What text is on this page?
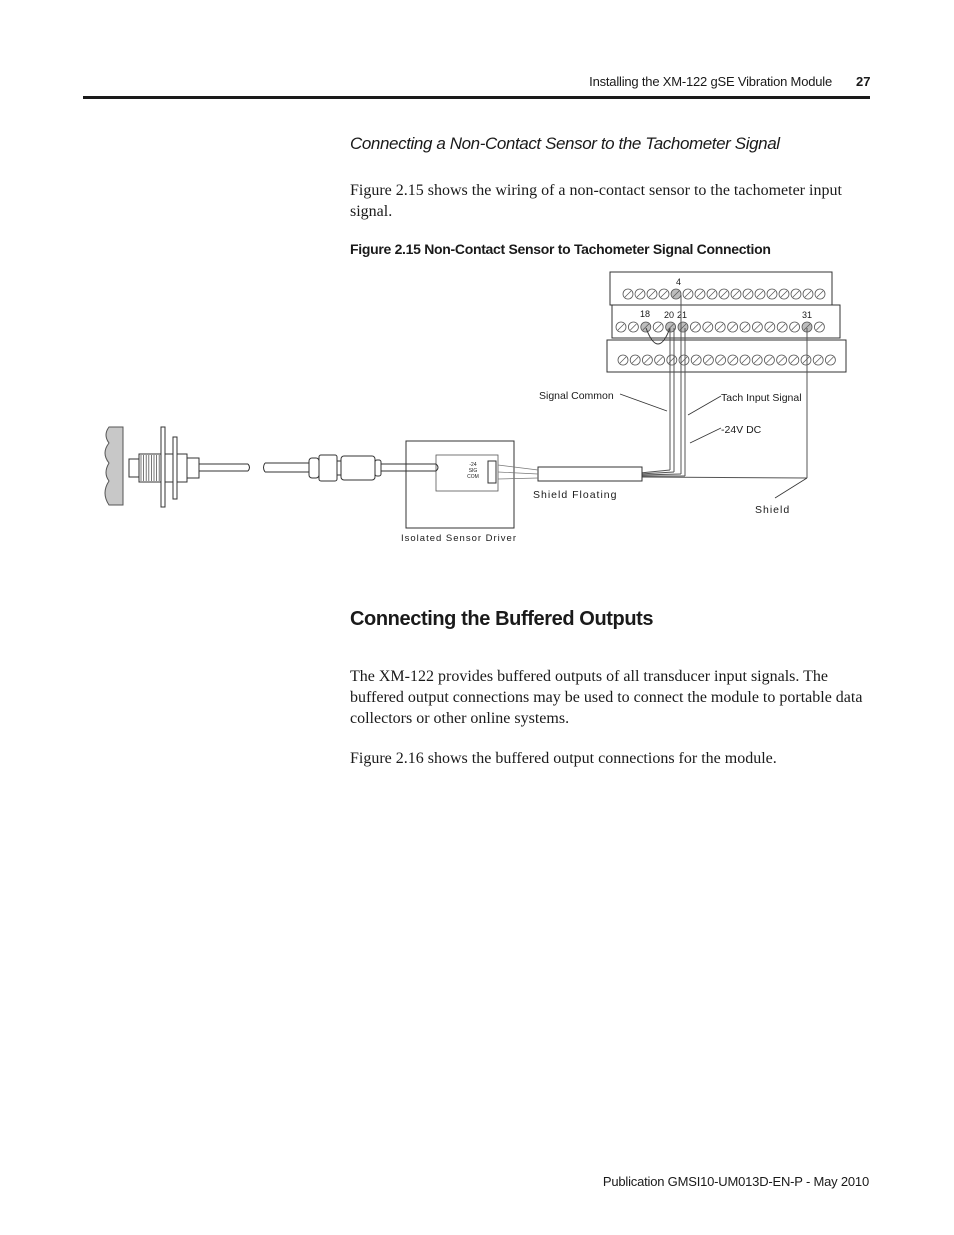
Installing the XM-122 gSE Vibration Module 27
Connecting a Non-Contact Sensor to the Tachometer Signal
Figure 2.15 shows the wiring of a non-contact sensor to the tachometer input signal.
Figure 2.15 Non-Contact Sensor to Tachometer Signal Connection
4
18 20 21	31
Signal Common	Tach Input Signal
-24V DC
Shield Floating
Shield
Isolated Sensor Driver
-24
SIG
COM
Connecting the Buffered Outputs
The XM-122 provides buffered outputs of all transducer input signals. The buffered output connections may be used to connect the module to portable data collectors or other online systems.
Figure 2.16 shows the buffered output connections for the module.
Publication GMSI10-UM013D-EN-P - May 2010
